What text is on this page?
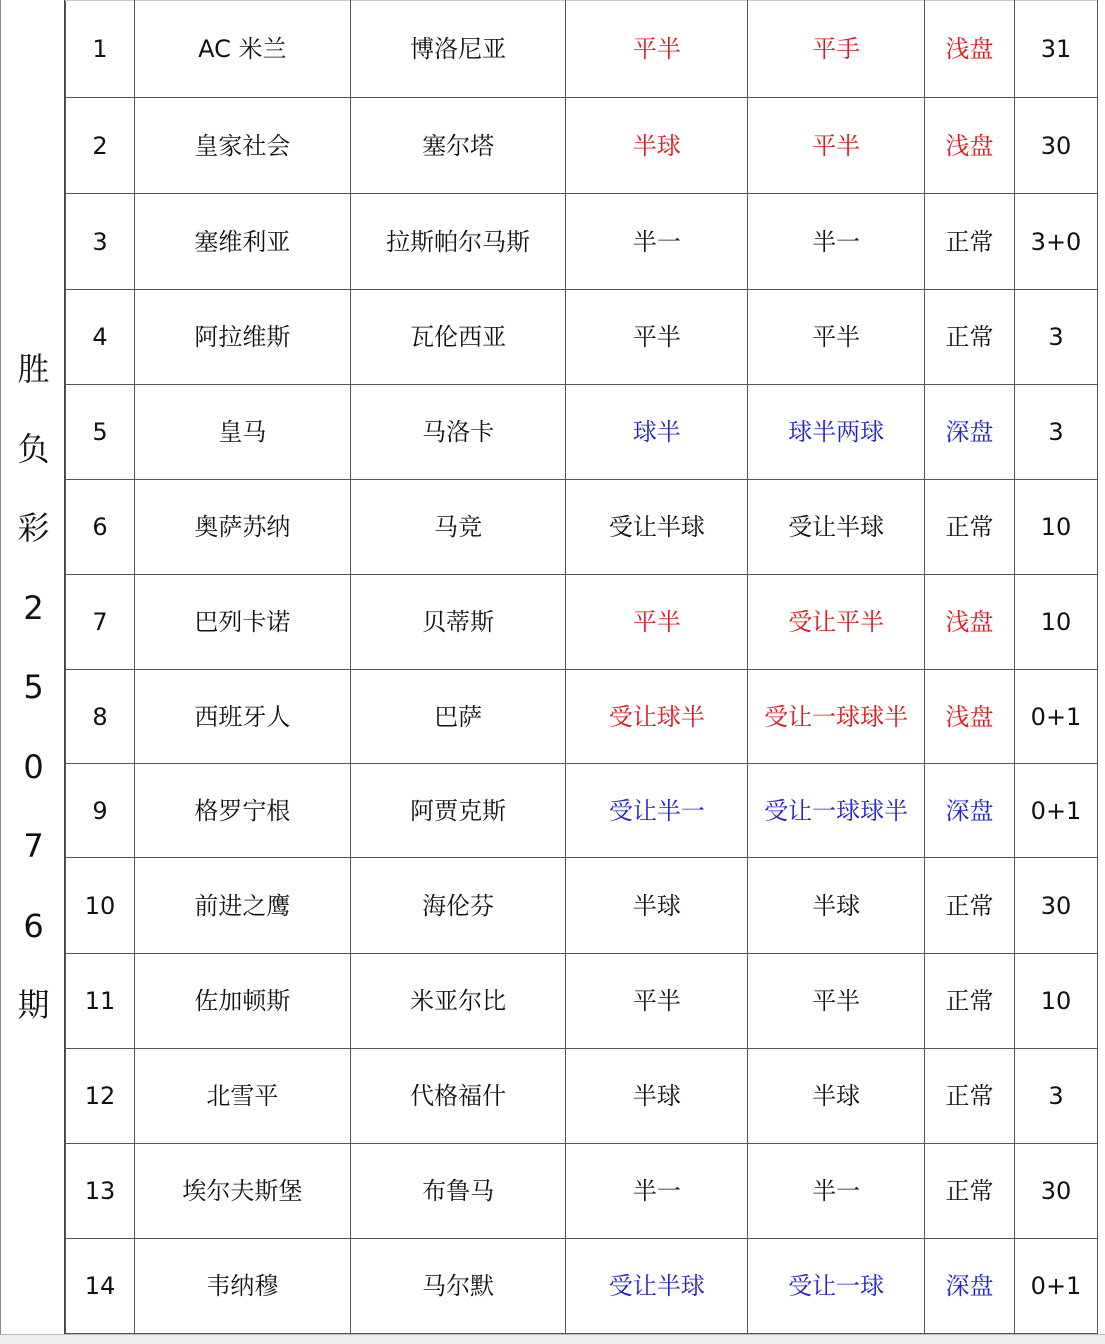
胜
负
彩
2
5
0
7
6
期
1	AC 米兰	博洛尼亚	平半	平手	浅盘	31
2	皇家社会	塞尔塔	半球	平半	浅盘	30
3	塞维利亚	拉斯帕尔马斯	半一	半一	正常	3+0
4	阿拉维斯	瓦伦西亚	平半	平半	正常	3
5	皇马	马洛卡	球半	球半两球	深盘	3
6	奥萨苏纳	马竞	受让半球	受让半球	正常	10
7	巴列卡诺	贝蒂斯	平半	受让平半	浅盘	10
8	西班牙人	巴萨	受让球半	受让一球球半	浅盘	0+1
9	格罗宁根	阿贾克斯	受让半一	受让一球球半	深盘	0+1
10	前进之鹰	海伦芬	半球	半球	正常	30
11	佐加顿斯	米亚尔比	平半	平半	正常	10
12	北雪平	代格福什	半球	半球	正常	3
13	埃尔夫斯堡	布鲁马	半一	半一	正常	30
14	韦纳穆	马尔默	受让半球	受让一球	深盘	0+1
